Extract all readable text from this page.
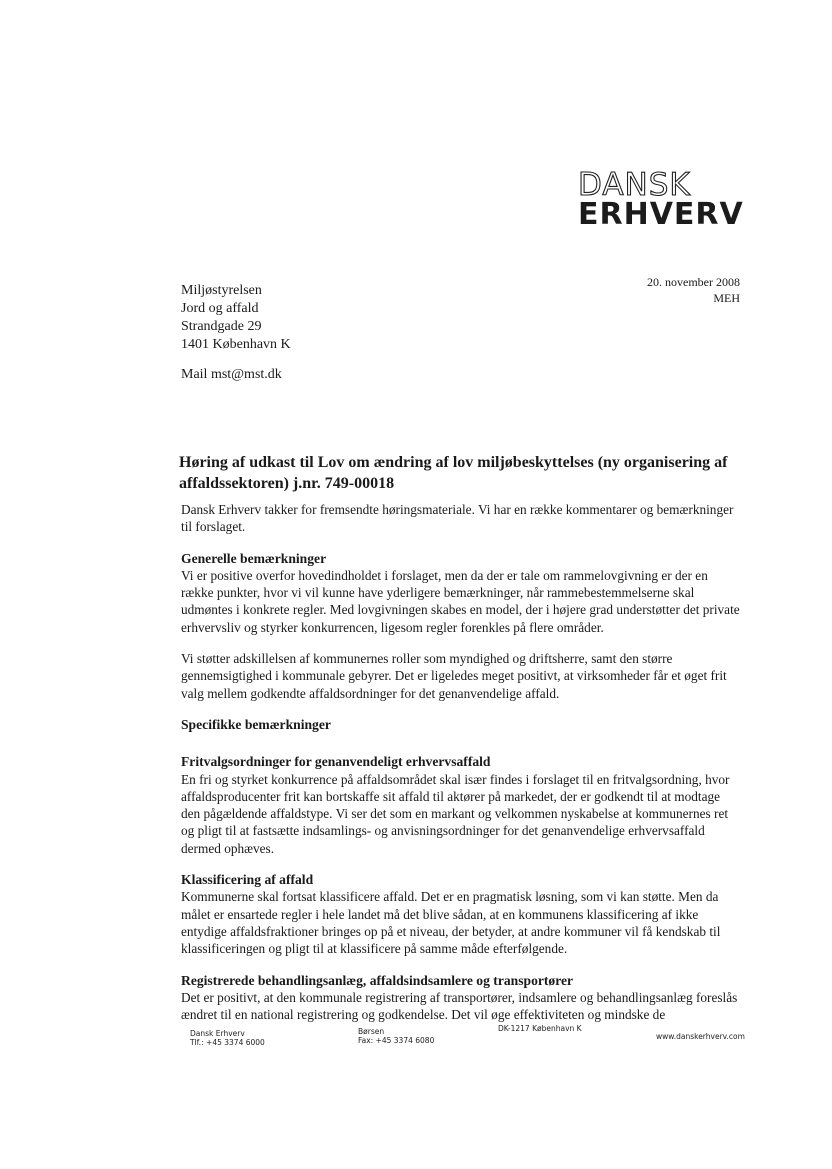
DANSK
ERHVERV
20. november 2008
MEH
Miljøstyrelsen
Jord og affald
Strandgade 29
1401 København K
Mail mst@mst.dk
Høring af udkast til Lov om ændring af lov miljøbeskyttelses (ny organisering af affaldssektoren) j.nr. 749-00018

Dansk Erhverv takker for fremsendte høringsmateriale. Vi har en række kommentarer og bemærkninger til forslaget.

Generelle bemærkninger

Vi er positive overfor hovedindholdet i forslaget, men da der er tale om rammelovgivning er der en række punkter, hvor vi vil kunne have yderligere bemærkninger, når rammebestemmelserne skal udmøntes i konkrete regler. Med lovgivningen skabes en model, der i højere grad understøtter det private erhvervsliv og styrker konkurrencen, ligesom regler forenkles på flere områder.

Vi støtter adskillelsen af kommunernes roller som myndighed og driftsherre, samt den større gennemsigtighed i kommunale gebyrer. Det er ligeledes meget positivt, at virksomheder får et øget frit valg mellem godkendte affaldsordninger for det genanvendelige affald.

Specifikke bemærkninger
Fritvalgsordninger for genanvendeligt erhvervsaffald

En fri og styrket konkurrence på affaldsområdet skal især findes i forslaget til en fritvalgsordning, hvor affaldsproducenter frit kan bortskaffe sit affald til aktører på markedet, der er godkendt til at modtage den pågældende affaldstype. Vi ser det som en markant og velkommen nyskabelse at kommunernes ret og pligt til at fastsætte indsamlings- og anvisningsordninger for det genanvendelige erhvervsaffald dermed ophæves.

Klassificering af affald

Kommunerne skal fortsat klassificere affald. Det er en pragmatisk løsning, som vi kan støtte. Men da målet er ensartede regler i hele landet må det blive sådan, at en kommunens klassificering af ikke entydige affaldsfraktioner bringes op på et niveau, der betyder, at andre kommuner vil få kendskab til klassificeringen og pligt til at klassificere på samme måde efterfølgende.

Registrerede behandlingsanlæg, affaldsindsamlere og transportører

Det er positivt, at den kommunale registrering af transportører, indsamlere og behandlingsanlæg foreslås ændret til en national registrering og godkendelse. Det vil øge effektiviteten og mindske de

Dansk Erhverv
Tlf.: +45 3374 6000
Børsen
Fax: +45 3374 6080
DK-1217 København K
www.danskerhverv.com
